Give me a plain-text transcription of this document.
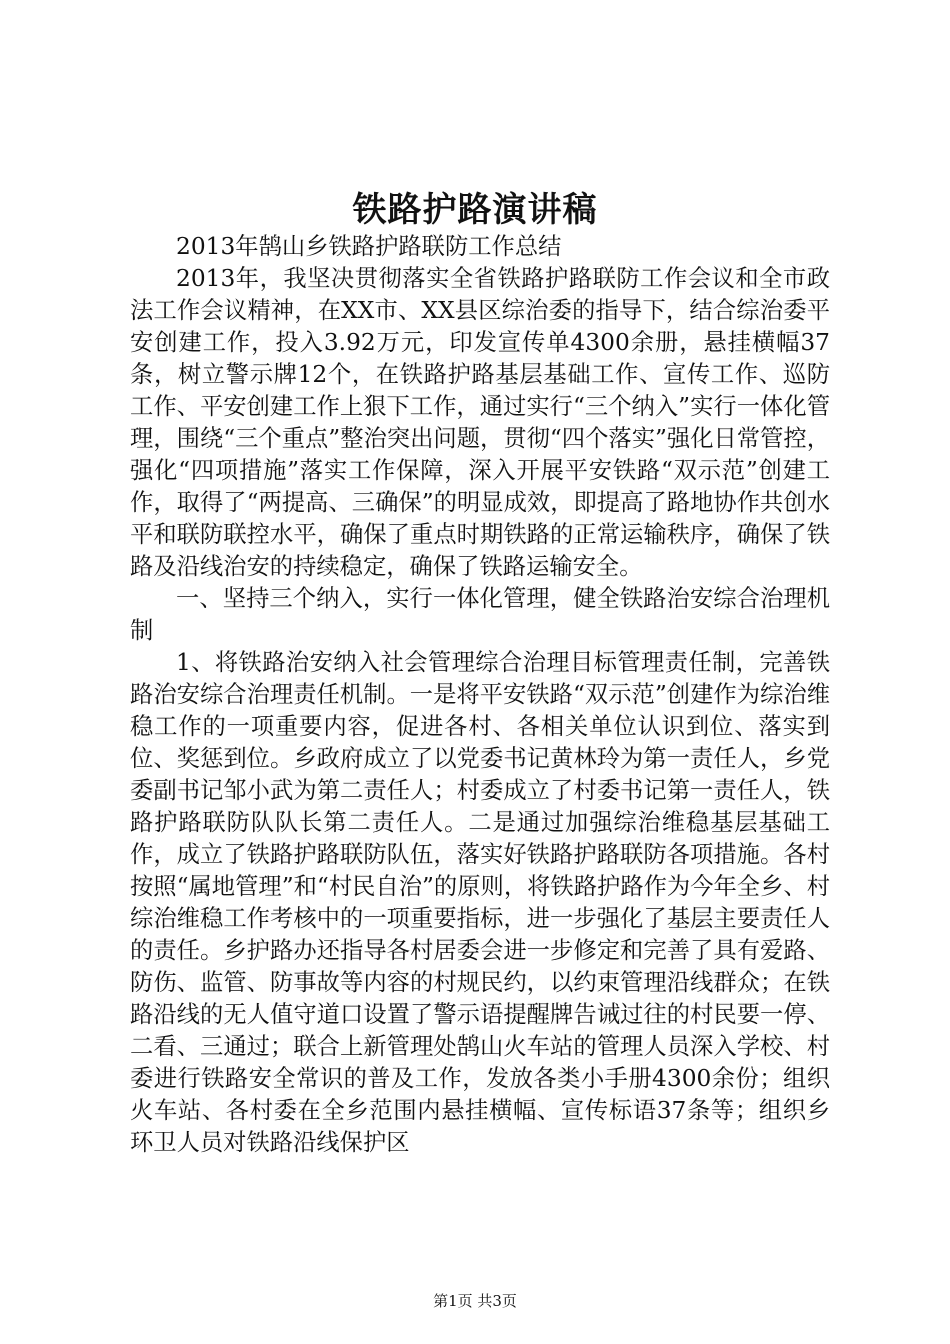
铁路护路演讲稿

2013年鹄山乡铁路护路联防工作总结

2013年，我坚决贯彻落实全省铁路护路联防工作会议和全市政法工作会议精神，在XX市、XX县区综治委的指导下，结合综治委平安创建工作，投入3.92万元，印发宣传单4300余册，悬挂横幅37条，树立警示牌12个，在铁路护路基层基础工作、宣传工作、巡防工作、平安创建工作上狠下工作，通过实行“三个纳入”实行一体化管理，围绕“三个重点”整治突出问题，贯彻“四个落实”强化日常管控，强化“四项措施”落实工作保障，深入开展平安铁路“双示范”创建工作，取得了“两提高、三确保”的明显成效，即提高了路地协作共创水平和联防联控水平，确保了重点时期铁路的正常运输秩序，确保了铁路及沿线治安的持续稳定，确保了铁路运输安全。

一、坚持三个纳入，实行一体化管理，健全铁路治安综合治理机制

1、将铁路治安纳入社会管理综合治理目标管理责任制，完善铁路治安综合治理责任机制。一是将平安铁路“双示范”创建作为综治维稳工作的一项重要内容，促进各村、各相关单位认识到位、落实到位、奖惩到位。乡政府成立了以党委书记黄林玲为第一责任人，乡党委副书记邹小武为第二责任人；村委成立了村委书记第一责任人，铁路护路联防队队长第二责任人。二是通过加强综治维稳基层基础工作，成立了铁路护路联防队伍，落实好铁路护路联防各项措施。各村按照“属地管理”和“村民自治”的原则，将铁路护路作为今年全乡、村综治维稳工作考核中的一项重要指标，进一步强化了基层主要责任人的责任。乡护路办还指导各村居委会进一步修定和完善了具有爱路、防伤、监管、防事故等内容的村规民约，以约束管理沿线群众；在铁路沿线的无人值守道口设置了警示语提醒牌告诫过往的村民要一停、二看、三通过；联合上新管理处鹄山火车站的管理人员深入学校、村委进行铁路安全常识的普及工作，发放各类小手册4300余份；组织火车站、各村委在全乡范围内悬挂横幅、宣传标语37条等；组织乡环卫人员对铁路沿线保护区

第1页 共3页
